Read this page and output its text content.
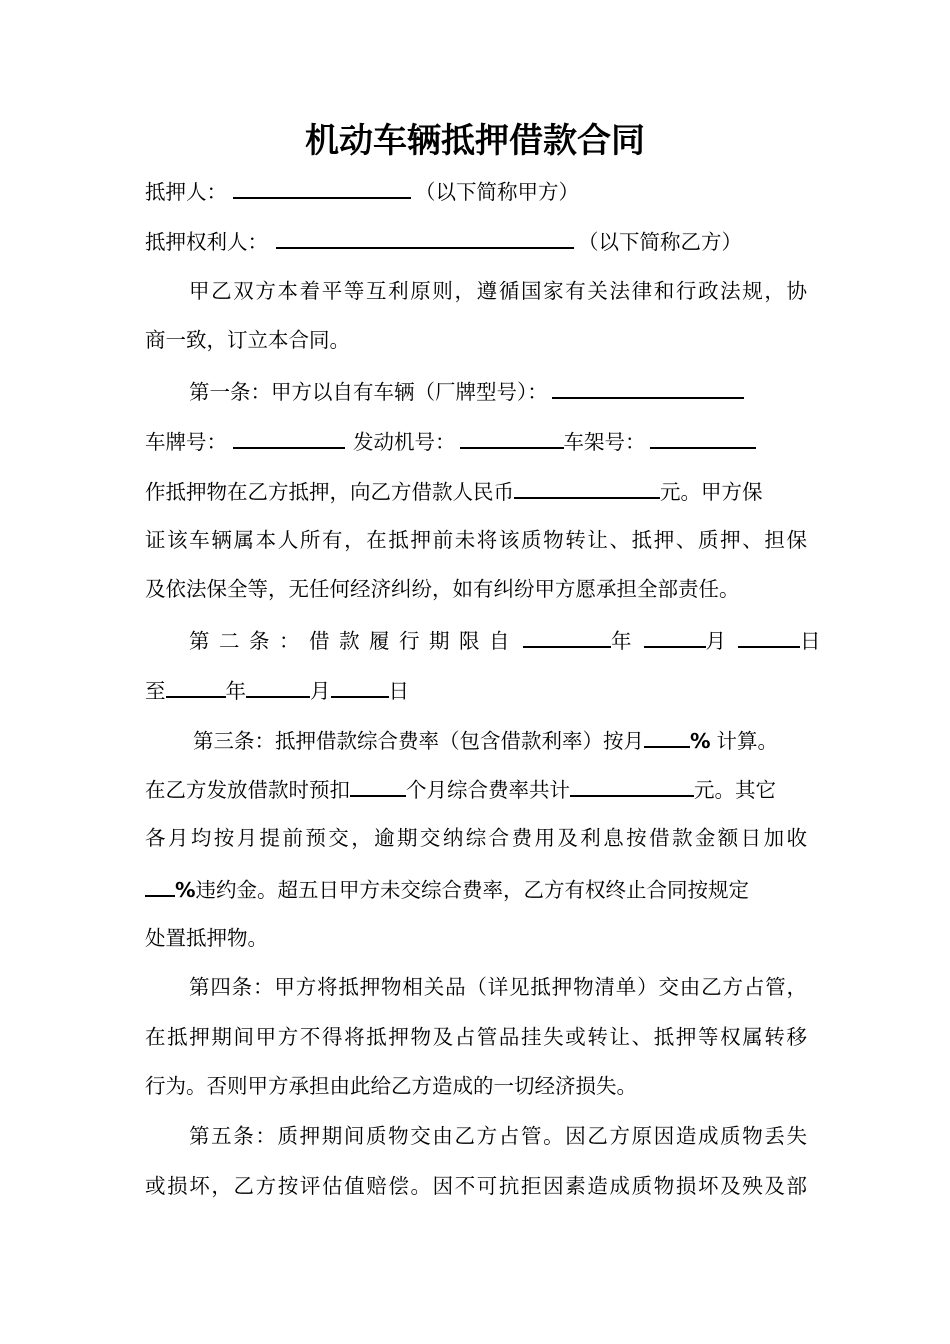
机动车辆抵押借款合同
抵押人：	（以下简称甲方）
抵押权利人：	（以下简称乙方）
甲乙双方本着平等互利原则，遵循国家有关法律和行政法规，协
商一致，订立本合同。
第一条：甲方以自有车辆（厂牌型号）：
车牌号：	发动机号：	车架号：
作抵押物在乙方抵押，向乙方借款人民币	元。甲方保
证该车辆属本人所有，在抵押前未将该质物转让、抵押、质押、担保
及依法保全等，无任何经济纠纷，如有纠纷甲方愿承担全部责任。
第二条：借款履行期限自	年	月	日
至	年	月	日
第三条：抵押借款综合费率（包含借款利率）按月 % 计算。
在乙方发放借款时预扣	个月综合费率共计	元。其它
各月均按月提前预交，逾期交纳综合费用及利息按借款金额日加收
%违约金。超五日甲方未交综合费率，乙方有权终止合同按规定
处置抵押物。
第四条：甲方将抵押物相关品（详见抵押物清单）交由乙方占管，
在抵押期间甲方不得将抵押物及占管品挂失或转让、抵押等权属转移
行为。否则甲方承担由此给乙方造成的一切经济损失。
第五条：质押期间质物交由乙方占管。因乙方原因造成质物丢失
或损坏，乙方按评估值赔偿。因不可抗拒因素造成质物损坏及殃及部
